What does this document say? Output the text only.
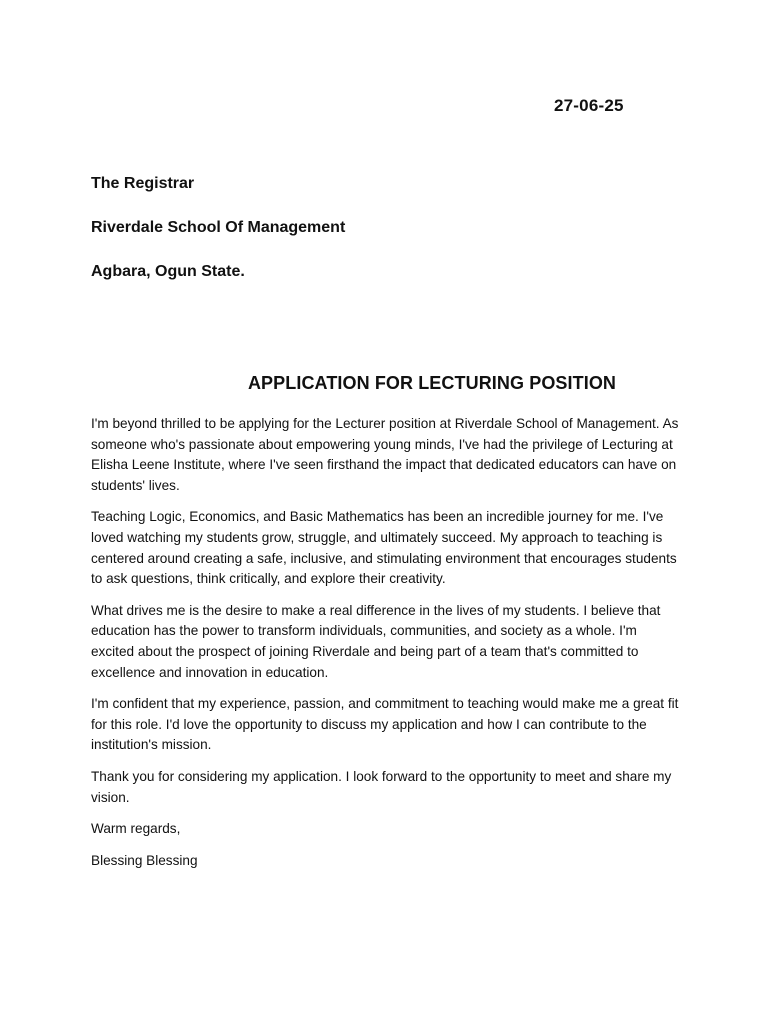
27-06-25
The Registrar
Riverdale School Of Management
Agbara, Ogun State.
APPLICATION FOR LECTURING POSITION

I'm beyond thrilled to be applying for the Lecturer position at Riverdale School of Management. As someone who's passionate about empowering young minds, I've had the privilege of Lecturing at Elisha Leene Institute, where I've seen firsthand the impact that dedicated educators can have on students' lives.

Teaching Logic, Economics, and Basic Mathematics has been an incredible journey for me. I've loved watching my students grow, struggle, and ultimately succeed. My approach to teaching is centered around creating a safe, inclusive, and stimulating environment that encourages students to ask questions, think critically, and explore their creativity.

What drives me is the desire to make a real difference in the lives of my students. I believe that education has the power to transform individuals, communities, and society as a whole. I'm excited about the prospect of joining Riverdale and being part of a team that's committed to excellence and innovation in education.

I'm confident that my experience, passion, and commitment to teaching would make me a great fit for this role. I'd love the opportunity to discuss my application and how I can contribute to the institution's mission.

Thank you for considering my application. I look forward to the opportunity to meet and share my vision.

Warm regards,

Blessing Blessing
